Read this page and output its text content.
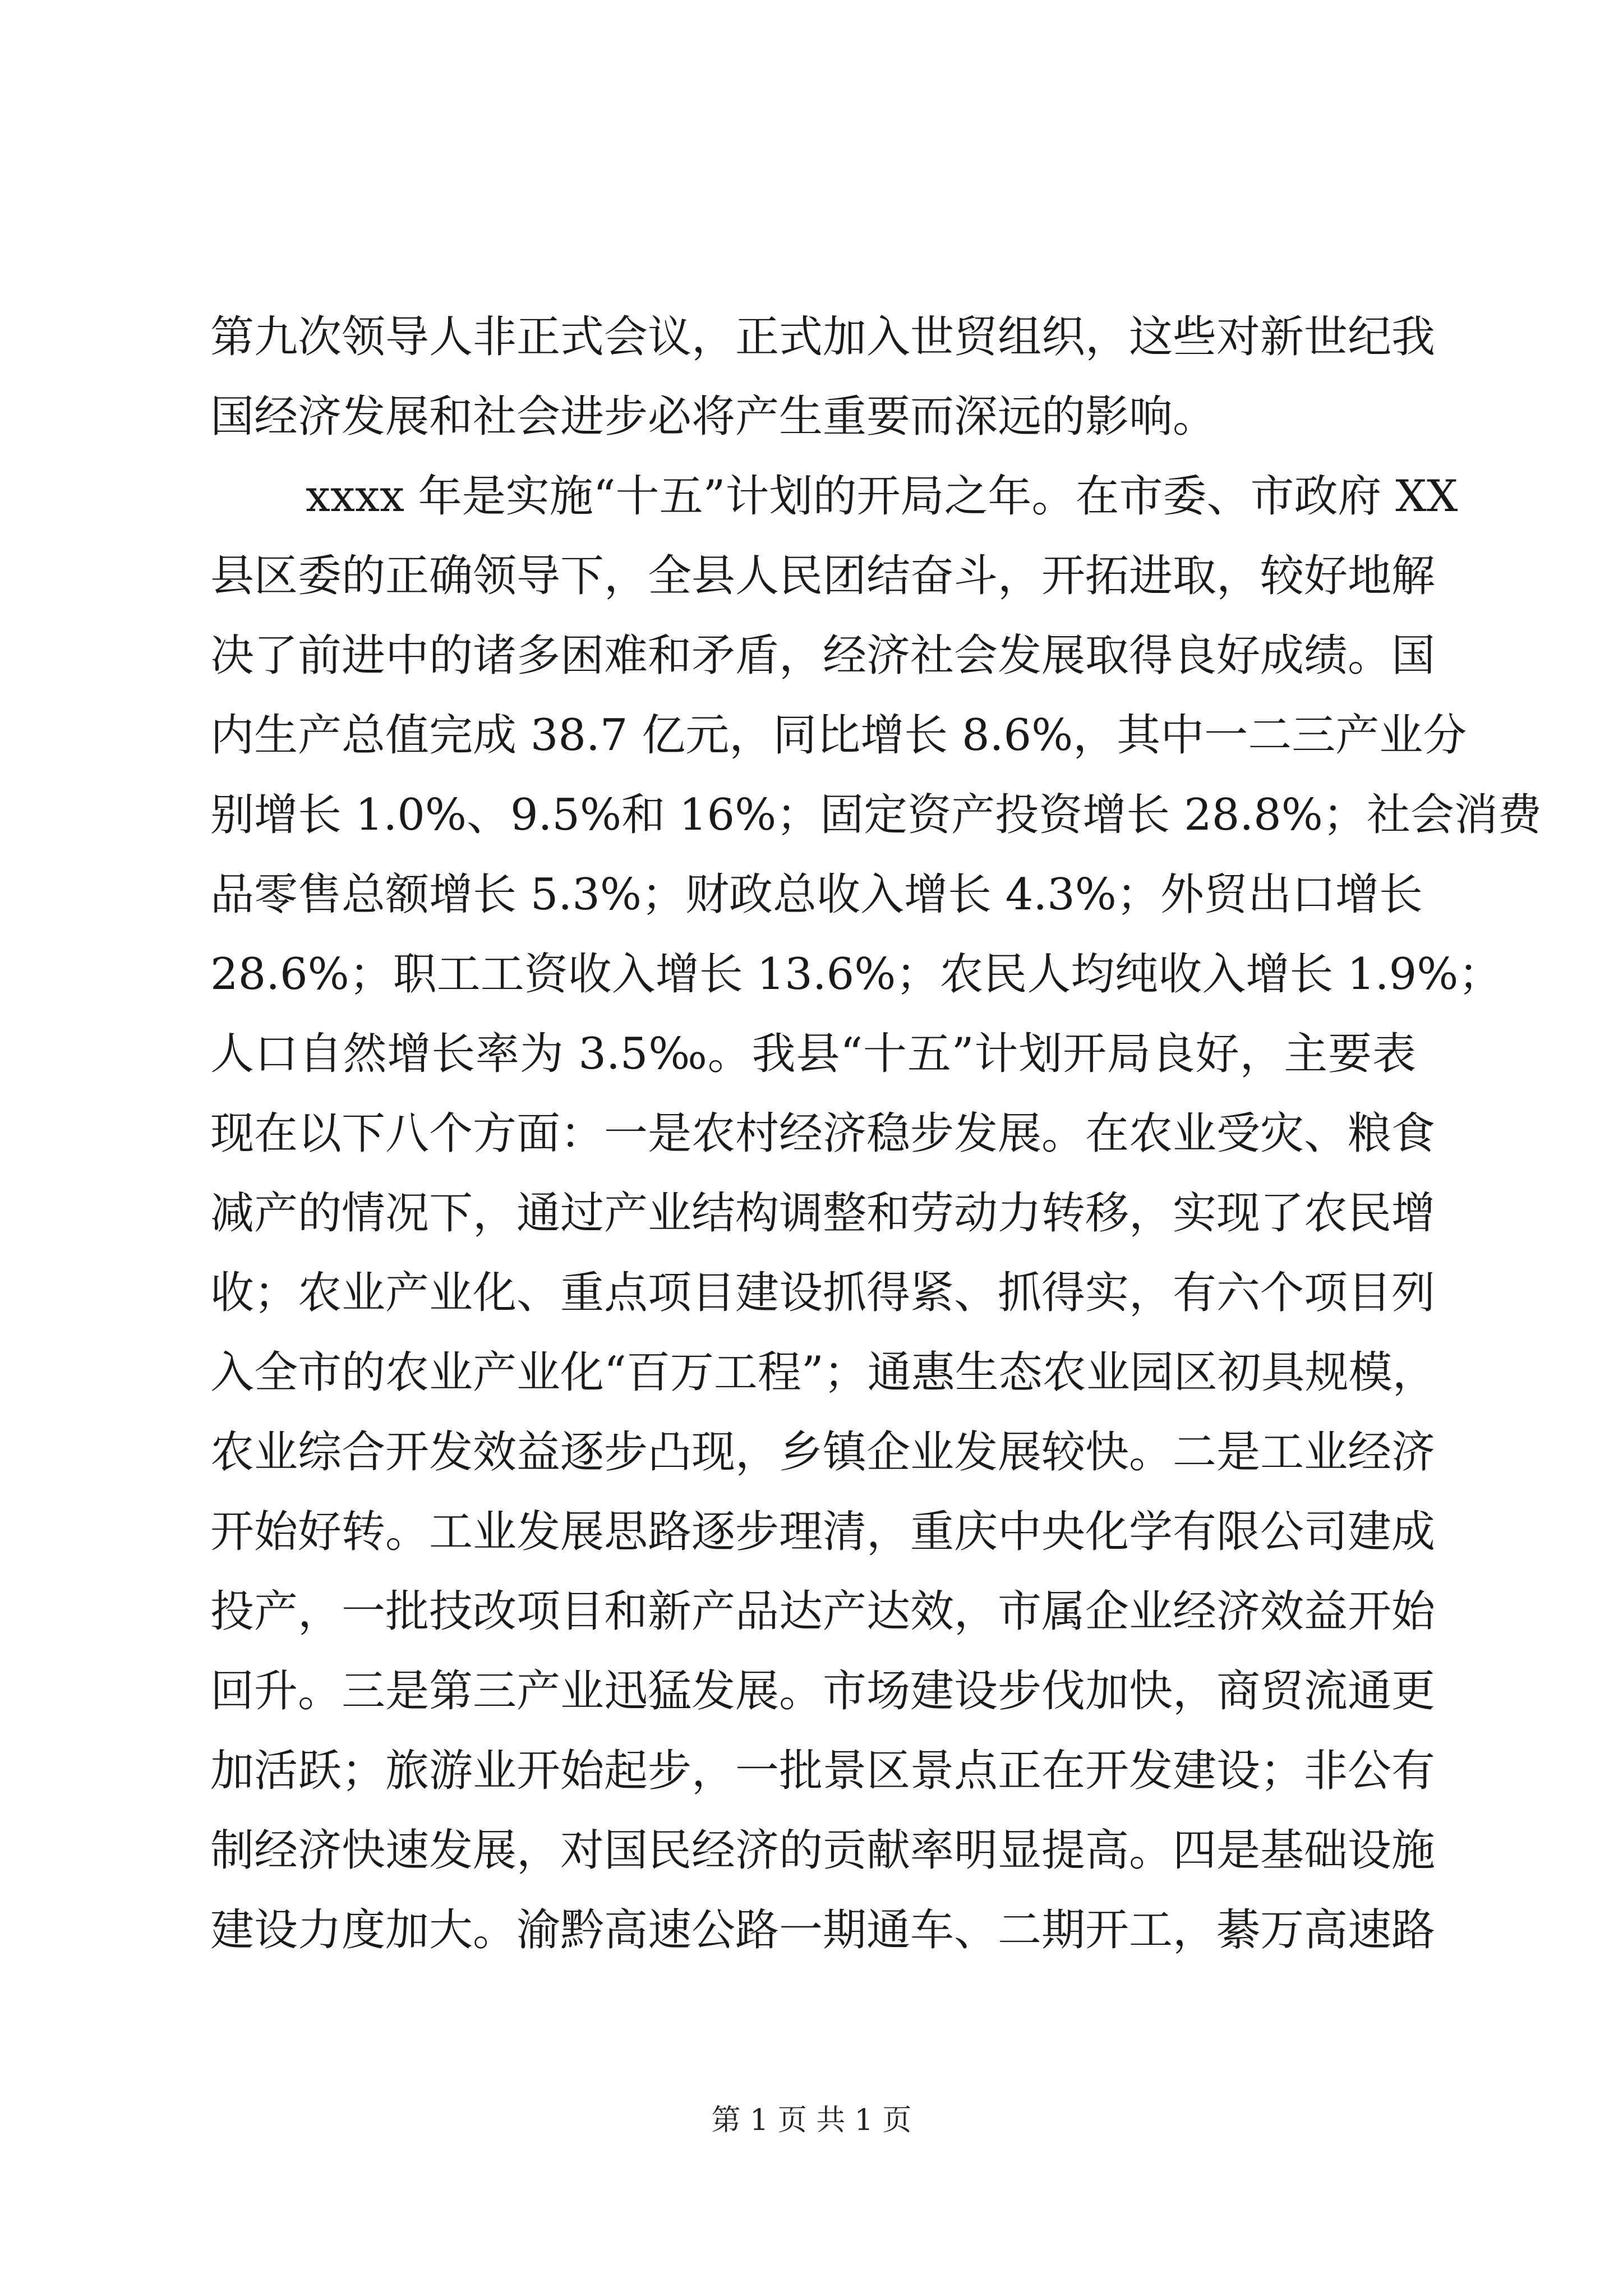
第九次领导人非正式会议，正式加入世贸组织，这些对新世纪我
国经济发展和社会进步必将产生重要而深远的影响。
xxxx 年是实施“十五”计划的开局之年。在市委、市政府 XX
县区委的正确领导下，全县人民团结奋斗，开拓进取，较好地解
决了前进中的诸多困难和矛盾，经济社会发展取得良好成绩。国
内生产总值完成 38.7 亿元，同比增长 8.6%，其中一二三产业分
别增长 1.0%、9.5%和 16%；固定资产投资增长 28.8%；社会消费
品零售总额增长 5.3%；财政总收入增长 4.3%；外贸出口增长
28.6%；职工工资收入增长 13.6%；农民人均纯收入增长 1.9%；
人口自然增长率为 3.5‰。我县“十五”计划开局良好，主要表
现在以下八个方面：一是农村经济稳步发展。在农业受灾、粮食
减产的情况下，通过产业结构调整和劳动力转移，实现了农民增
收；农业产业化、重点项目建设抓得紧、抓得实，有六个项目列
入全市的农业产业化“百万工程”；通惠生态农业园区初具规模，
农业综合开发效益逐步凸现，乡镇企业发展较快。二是工业经济
开始好转。工业发展思路逐步理清，重庆中央化学有限公司建成
投产，一批技改项目和新产品达产达效，市属企业经济效益开始
回升。三是第三产业迅猛发展。市场建设步伐加快，商贸流通更
加活跃；旅游业开始起步，一批景区景点正在开发建设；非公有
制经济快速发展，对国民经济的贡献率明显提高。四是基础设施
建设力度加大。渝黔高速公路一期通车、二期开工，綦万高速路
第 1 页 共 1 页
